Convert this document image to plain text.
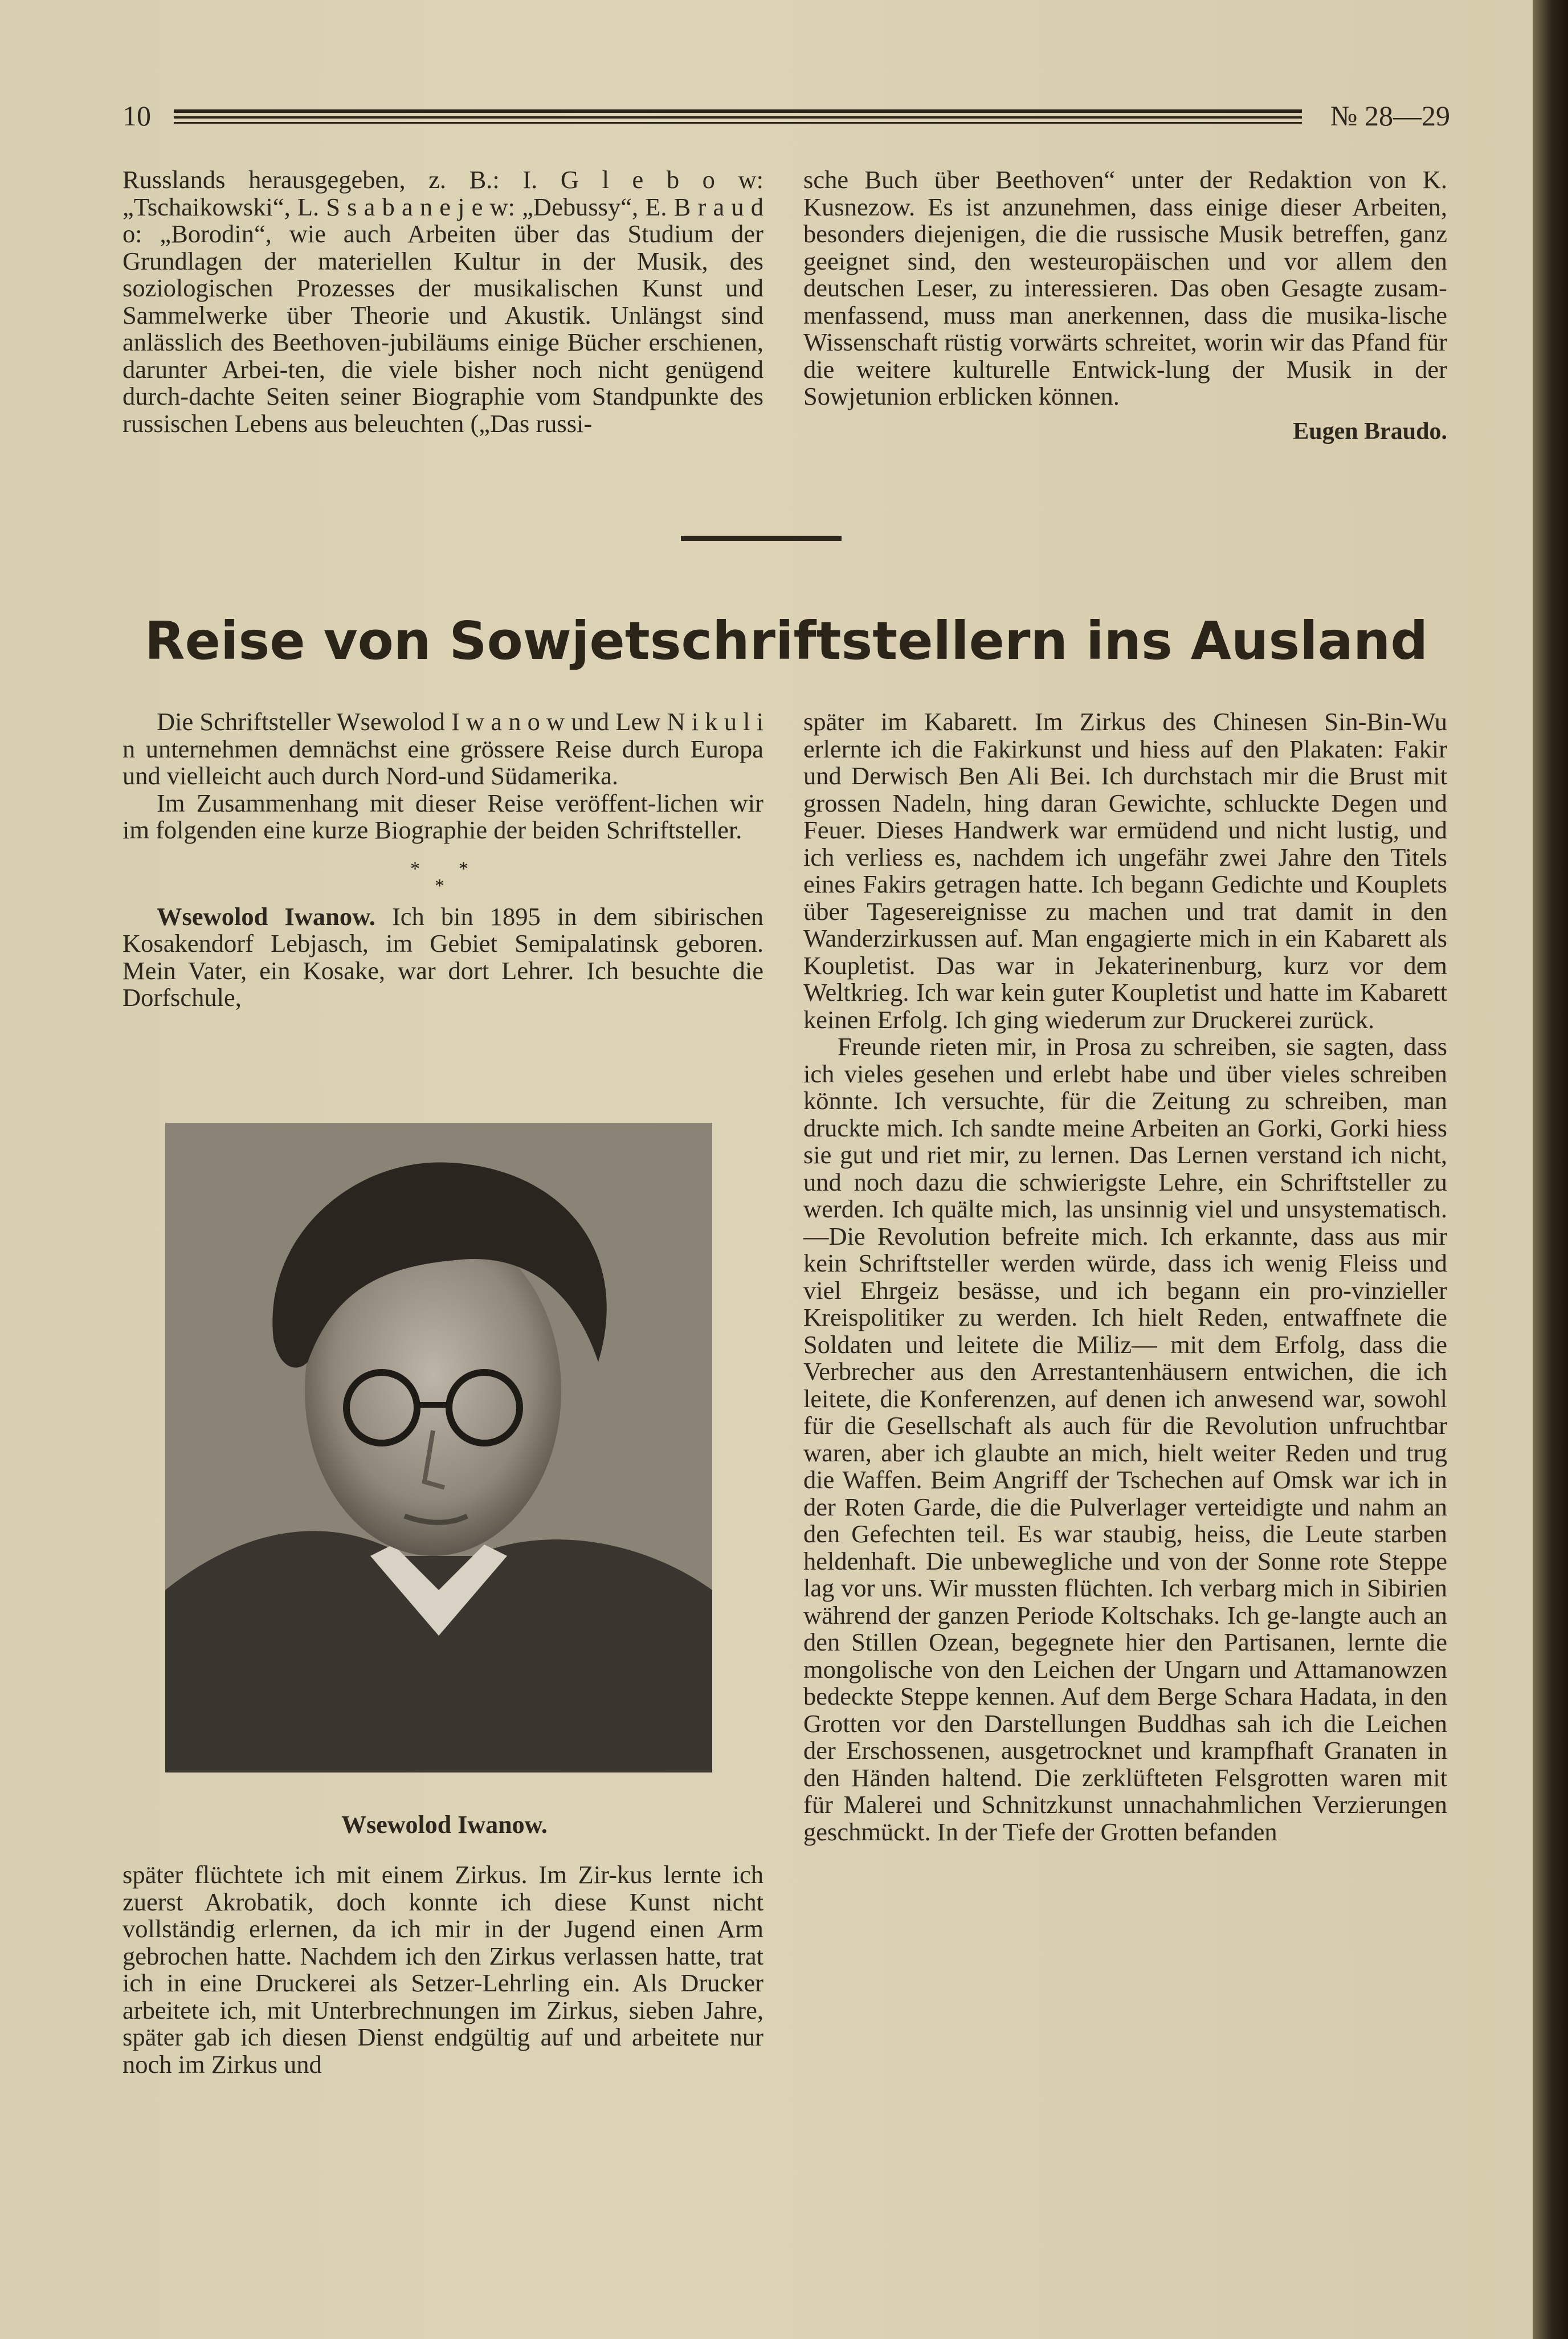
10	№ 28—29

Russlands herausgegeben, z. B.: I. G l e b o w: „Tschaikowski“, L. S s a b a n e j e w: „Debussy“, E. B r a u d o: „Borodin“, wie auch Arbeiten über das Studium der Grundlagen der materiellen Kultur in der Musik, des soziologischen Prozesses der musikalischen Kunst und Sammelwerke über Theorie und Akustik. Unlängst sind anlässlich des Beethoven-jubiläums einige Bücher erschienen, darunter Arbei-ten, die viele bisher noch nicht genügend durch-dachte Seiten seiner Biographie vom Standpunkte des russischen Lebens aus beleuchten („Das russi-

sche Buch über Beethoven“ unter der Redaktion von K. Kusnezow. Es ist anzunehmen, dass einige dieser Arbeiten, besonders diejenigen, die die russische Musik betreffen, ganz geeignet sind, den westeuropäischen und vor allem den deutschen Leser, zu interessieren. Das oben Gesagte zusam-menfassend, muss man anerkennen, dass die musika-lische Wissenschaft rüstig vorwärts schreitet, worin wir das Pfand für die weitere kulturelle Entwick-lung der Musik in der Sowjetunion erblicken können.

Eugen Braudo.

Reise von Sowjetschriftstellern ins Ausland

Die Schriftsteller Wsewolod I w a n o w und Lew N i k u l i n unternehmen demnächst eine grössere Reise durch Europa und vielleicht auch durch Nord-und Südamerika.

Im Zusammenhang mit dieser Reise veröffent-lichen wir im folgenden eine kurze Biographie der beiden Schriftsteller.

* *
*

Wsewolod Iwanow. Ich bin 1895 in dem sibirischen Kosakendorf Lebjasch, im Gebiet Semipalatinsk geboren. Mein Vater, ein Kosake, war dort Lehrer. Ich besuchte die Dorfschule,

Wsewolod Iwanow.

später flüchtete ich mit einem Zirkus. Im Zir-kus lernte ich zuerst Akrobatik, doch konnte ich diese Kunst nicht vollständig erlernen, da ich mir in der Jugend einen Arm gebrochen hatte. Nachdem ich den Zirkus verlassen hatte, trat ich in eine Druckerei als Setzer-Lehrling ein. Als Drucker arbeitete ich, mit Unterbrechnungen im Zirkus, sieben Jahre, später gab ich diesen Dienst endgültig auf und arbeitete nur noch im Zirkus und

später im Kabarett. Im Zirkus des Chinesen Sin-Bin-Wu erlernte ich die Fakirkunst und hiess auf den Plakaten: Fakir und Derwisch Ben Ali Bei. Ich durchstach mir die Brust mit grossen Nadeln, hing daran Gewichte, schluckte Degen und Feuer. Dieses Handwerk war ermüdend und nicht lustig, und ich verliess es, nachdem ich ungefähr zwei Jahre den Titels eines Fakirs getragen hatte. Ich begann Gedichte und Kouplets über Tagesereignisse zu machen und trat damit in den Wanderzirkussen auf. Man engagierte mich in ein Kabarett als Koupletist. Das war in Jekaterinenburg, kurz vor dem Weltkrieg. Ich war kein guter Koupletist und hatte im Kabarett keinen Erfolg. Ich ging wiederum zur Druckerei zurück.

Freunde rieten mir, in Prosa zu schreiben, sie sagten, dass ich vieles gesehen und erlebt habe und über vieles schreiben könnte. Ich versuchte, für die Zeitung zu schreiben, man druckte mich. Ich sandte meine Arbeiten an Gorki, Gorki hiess sie gut und riet mir, zu lernen. Das Lernen verstand ich nicht, und noch dazu die schwierigste Lehre, ein Schriftsteller zu werden. Ich quälte mich, las unsinnig viel und unsystematisch.—Die Revolution befreite mich. Ich erkannte, dass aus mir kein Schriftsteller werden würde, dass ich wenig Fleiss und viel Ehrgeiz besässe, und ich begann ein pro-vinzieller Kreispolitiker zu werden. Ich hielt Reden, entwaffnete die Soldaten und leitete die Miliz— mit dem Erfolg, dass die Verbrecher aus den Arrestantenhäusern entwichen, die ich leitete, die Konferenzen, auf denen ich anwesend war, sowohl für die Gesellschaft als auch für die Revolution unfruchtbar waren, aber ich glaubte an mich, hielt weiter Reden und trug die Waffen. Beim Angriff der Tschechen auf Omsk war ich in der Roten Garde, die die Pulverlager verteidigte und nahm an den Gefechten teil. Es war staubig, heiss, die Leute starben heldenhaft. Die unbewegliche und von der Sonne rote Steppe lag vor uns. Wir mussten flüchten. Ich verbarg mich in Sibirien während der ganzen Periode Koltschaks. Ich ge-langte auch an den Stillen Ozean, begegnete hier den Partisanen, lernte die mongolische von den Leichen der Ungarn und Attamanowzen bedeckte Steppe kennen. Auf dem Berge Schara Hadata, in den Grotten vor den Darstellungen Buddhas sah ich die Leichen der Erschossenen, ausgetrocknet und krampfhaft Granaten in den Händen haltend. Die zerklüfteten Felsgrotten waren mit für Malerei und Schnitzkunst unnachahmlichen Verzierungen geschmückt. In der Tiefe der Grotten befanden
